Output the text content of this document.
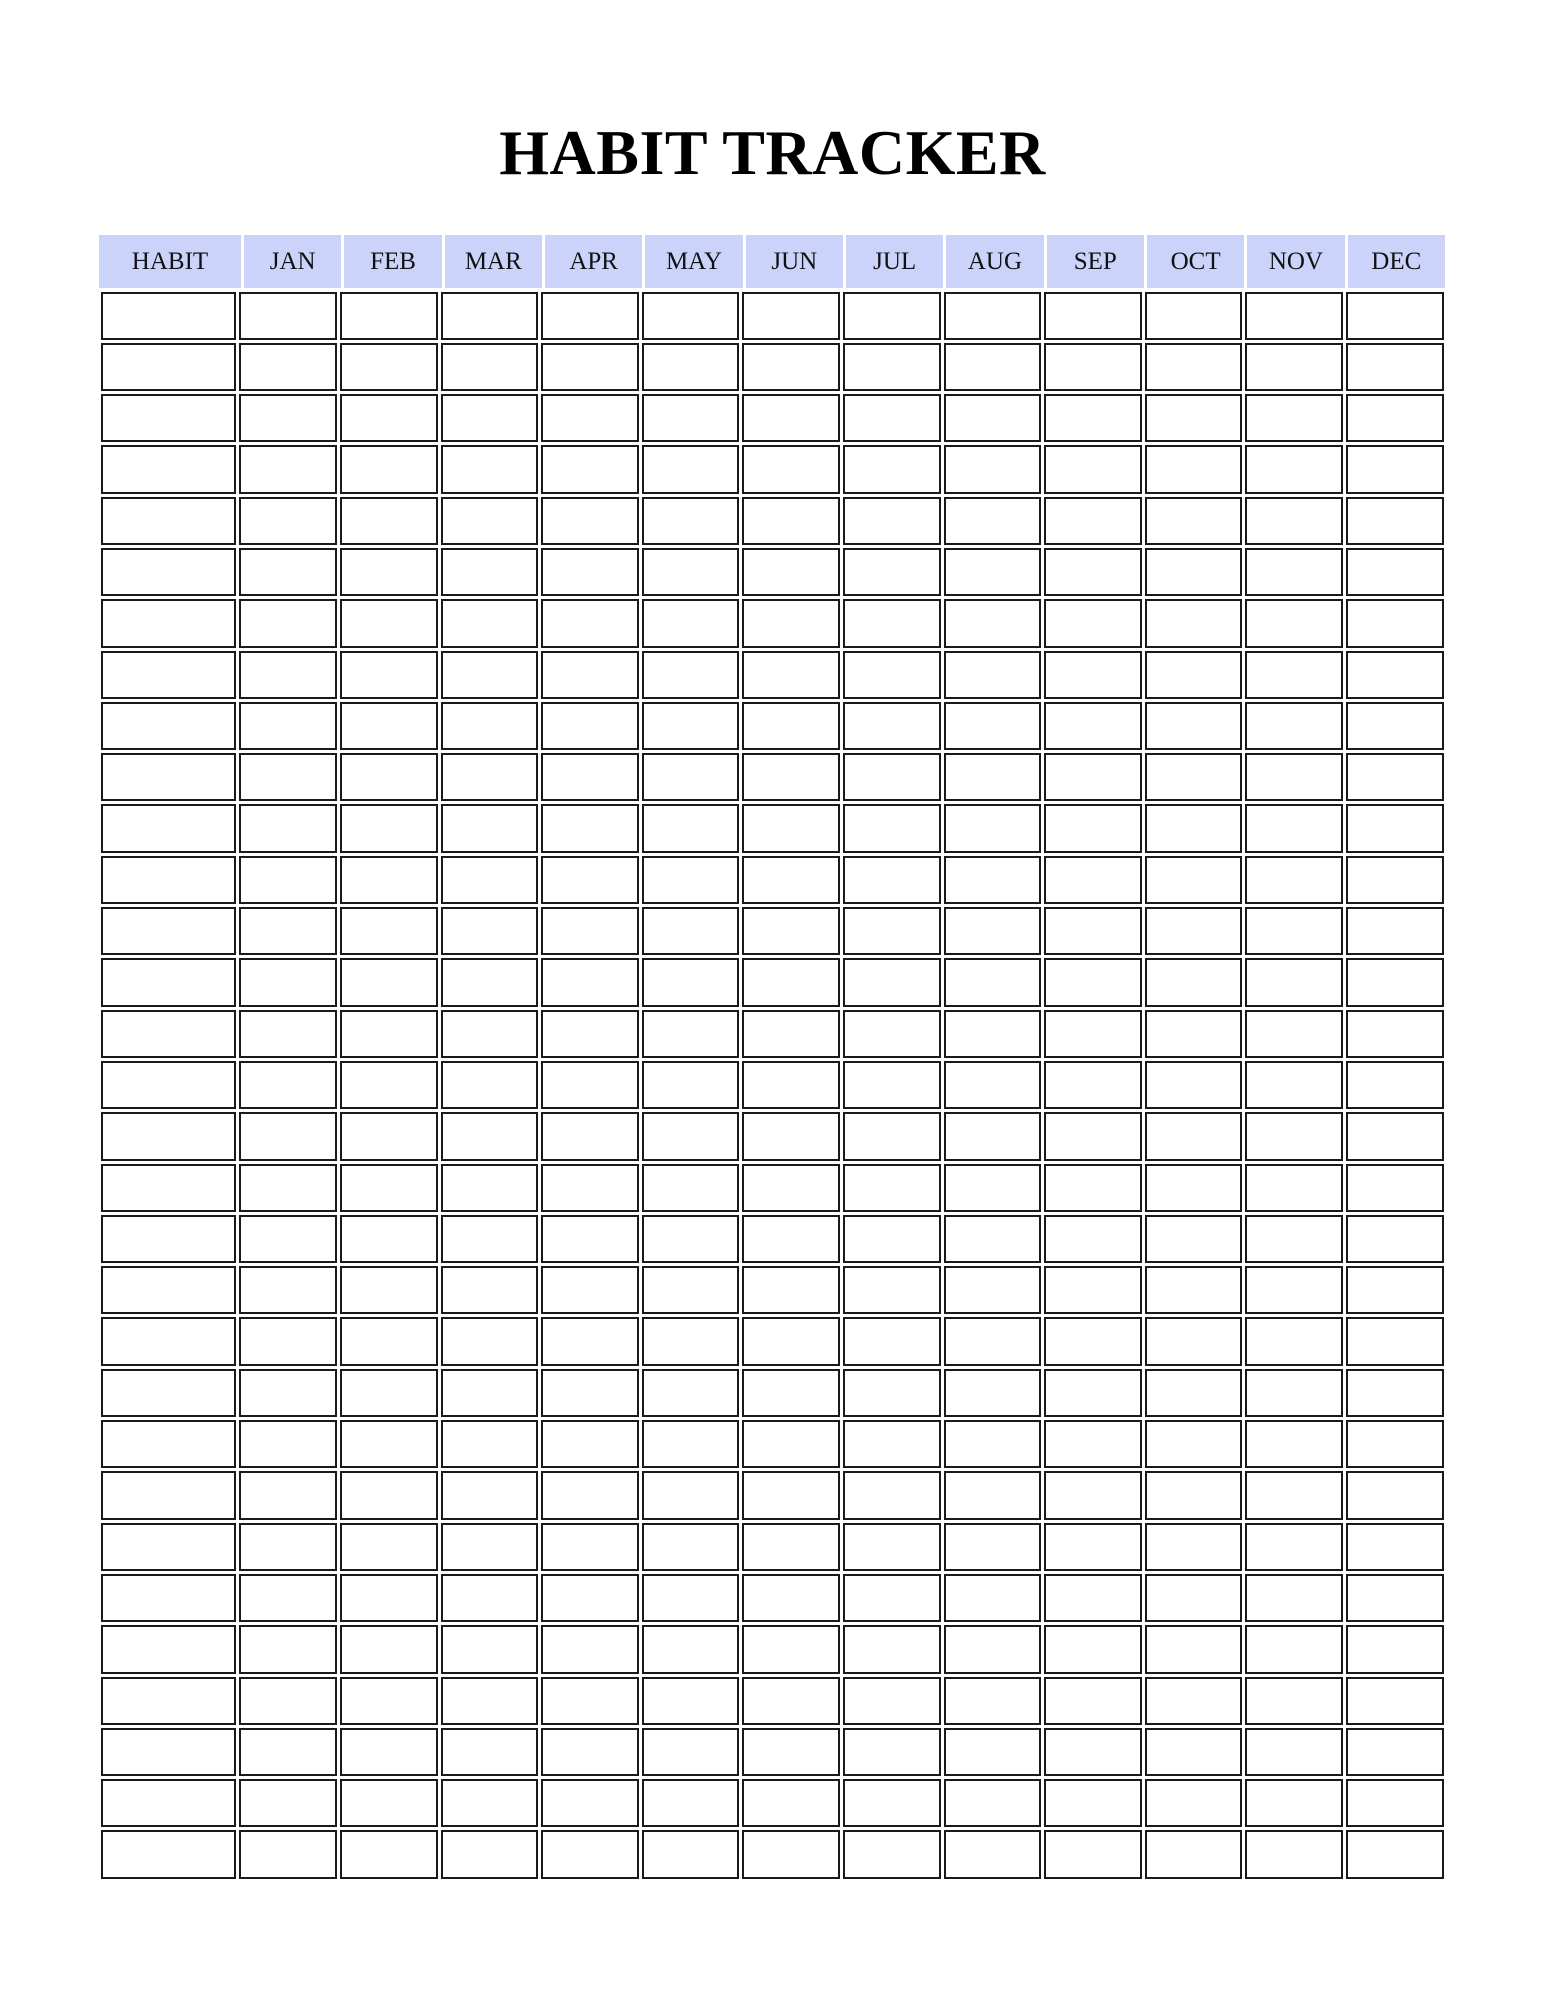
HABIT TRACKER
HABIT	JAN	FEB	MAR	APR	MAY	JUN	JUL	AUG	SEP	OCT	NOV	DEC
